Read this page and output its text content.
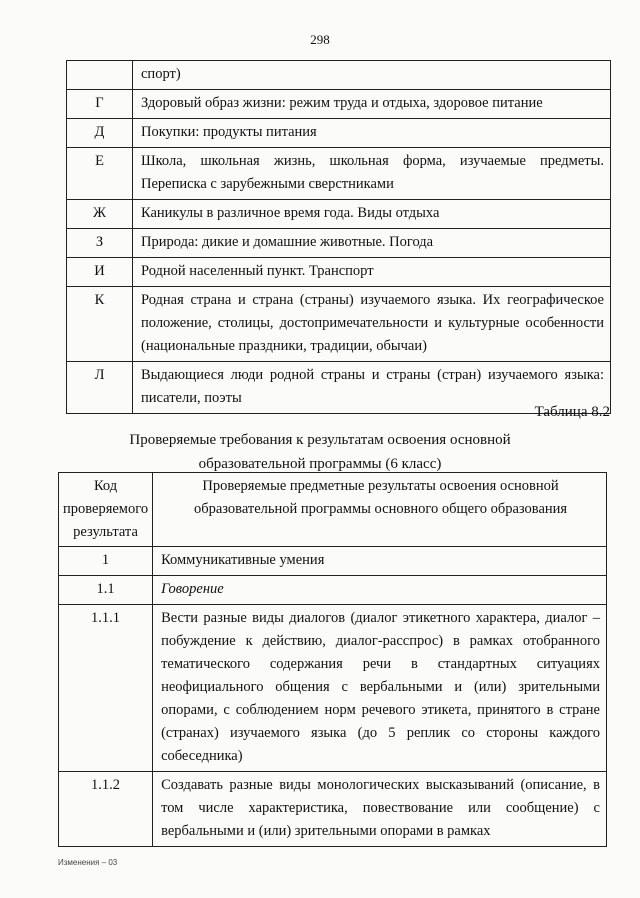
298
	спорт)
Г	Здоровый образ жизни: режим труда и отдыха, здоровое питание
Д	Покупки: продукты питания
Е	Школа, школьная жизнь, школьная форма, изучаемые предметы. Переписка с зарубежными сверстниками
Ж	Каникулы в различное время года. Виды отдыха
З	Природа: дикие и домашние животные. Погода
И	Родной населенный пункт. Транспорт
К	Родная страна и страна (страны) изучаемого языка. Их географическое положение, столицы, достопримечательности и культурные особенности (национальные праздники, традиции, обычаи)
Л	Выдающиеся люди родной страны и страны (стран) изучаемого языка: писатели, поэты
Таблица 8.2
Проверяемые требования к результатам освоения основной
образовательной программы (6 класс)
Код проверяемого результата	Проверяемые предметные результаты освоения основной образовательной программы основного общего образования
1	Коммуникативные умения
1.1	Говорение
1.1.1	Вести разные виды диалогов (диалог этикетного характера, диалог – побуждение к действию, диалог-расспрос) в рамках отобранного тематического содержания речи в стандартных ситуациях неофициального общения с вербальными и (или) зрительными опорами, с соблюдением норм речевого этикета, принятого в стране (странах) изучаемого языка (до 5 реплик со стороны каждого собеседника)
1.1.2	Создавать разные виды монологических высказываний (описание, в том числе характеристика, повествование или сообщение) с вербальными и (или) зрительными опорами в рамках
Изменения – 03
